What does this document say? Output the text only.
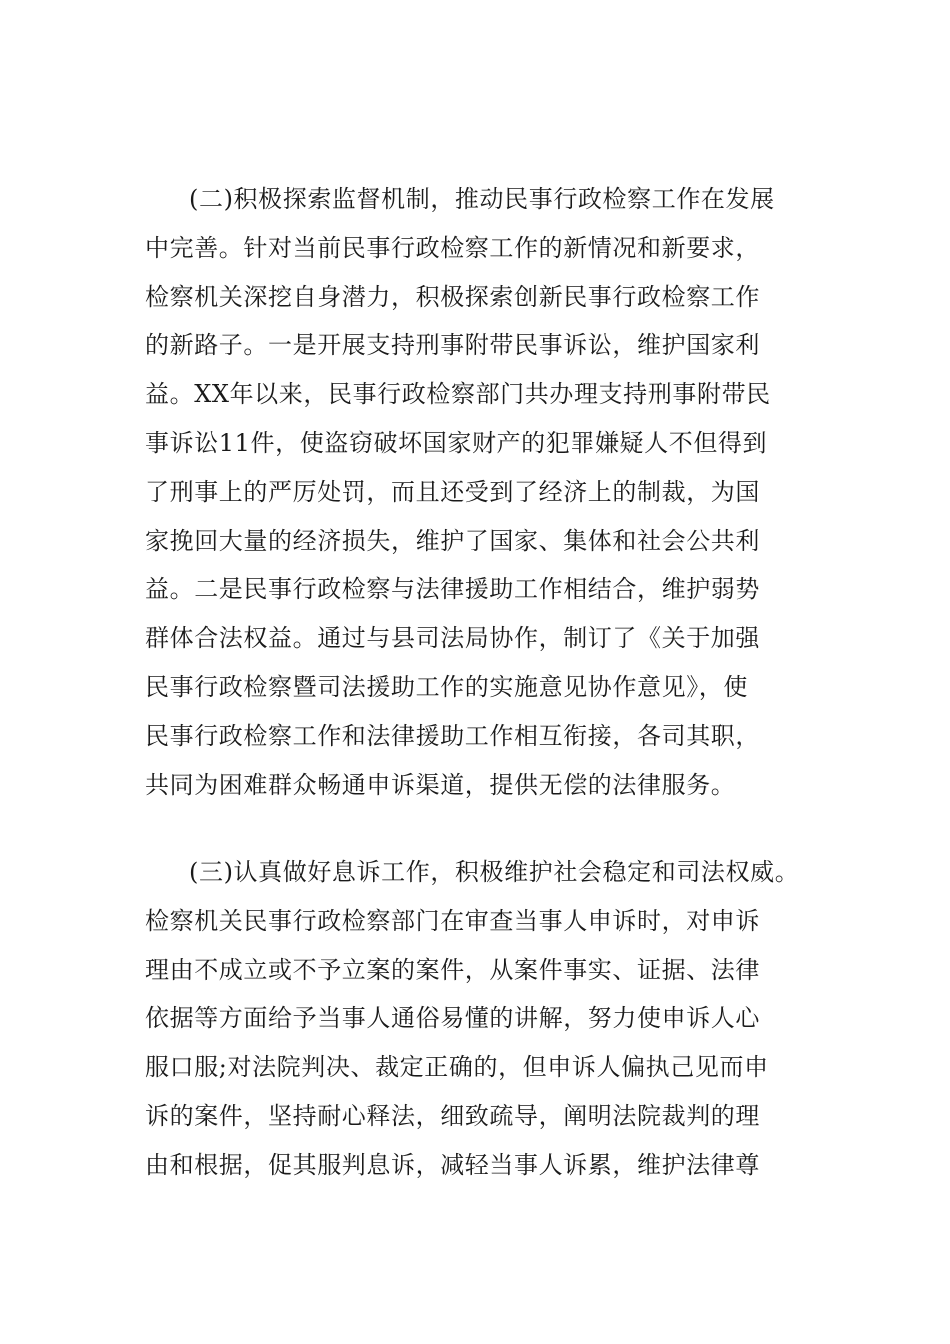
(二)积极探索监督机制，推动民事行政检察工作在发展
中完善。针对当前民事行政检察工作的新情况和新要求，
检察机关深挖自身潜力，积极探索创新民事行政检察工作
的新路子。一是开展支持刑事附带民事诉讼，维护国家利
益。XX年以来，民事行政检察部门共办理支持刑事附带民
事诉讼11件，使盗窃破坏国家财产的犯罪嫌疑人不但得到
了刑事上的严厉处罚，而且还受到了经济上的制裁，为国
家挽回大量的经济损失，维护了国家、集体和社会公共利
益。二是民事行政检察与法律援助工作相结合，维护弱势
群体合法权益。通过与县司法局协作，制订了《关于加强
民事行政检察暨司法援助工作的实施意见协作意见》，使
民事行政检察工作和法律援助工作相互衔接，各司其职，
共同为困难群众畅通申诉渠道，提供无偿的法律服务。
(三)认真做好息诉工作，积极维护社会稳定和司法权威。
检察机关民事行政检察部门在审查当事人申诉时，对申诉
理由不成立或不予立案的案件，从案件事实、证据、法律
依据等方面给予当事人通俗易懂的讲解，努力使申诉人心
服口服;对法院判决、裁定正确的，但申诉人偏执己见而申
诉的案件，坚持耐心释法，细致疏导，阐明法院裁判的理
由和根据，促其服判息诉，减轻当事人诉累，维护法律尊
